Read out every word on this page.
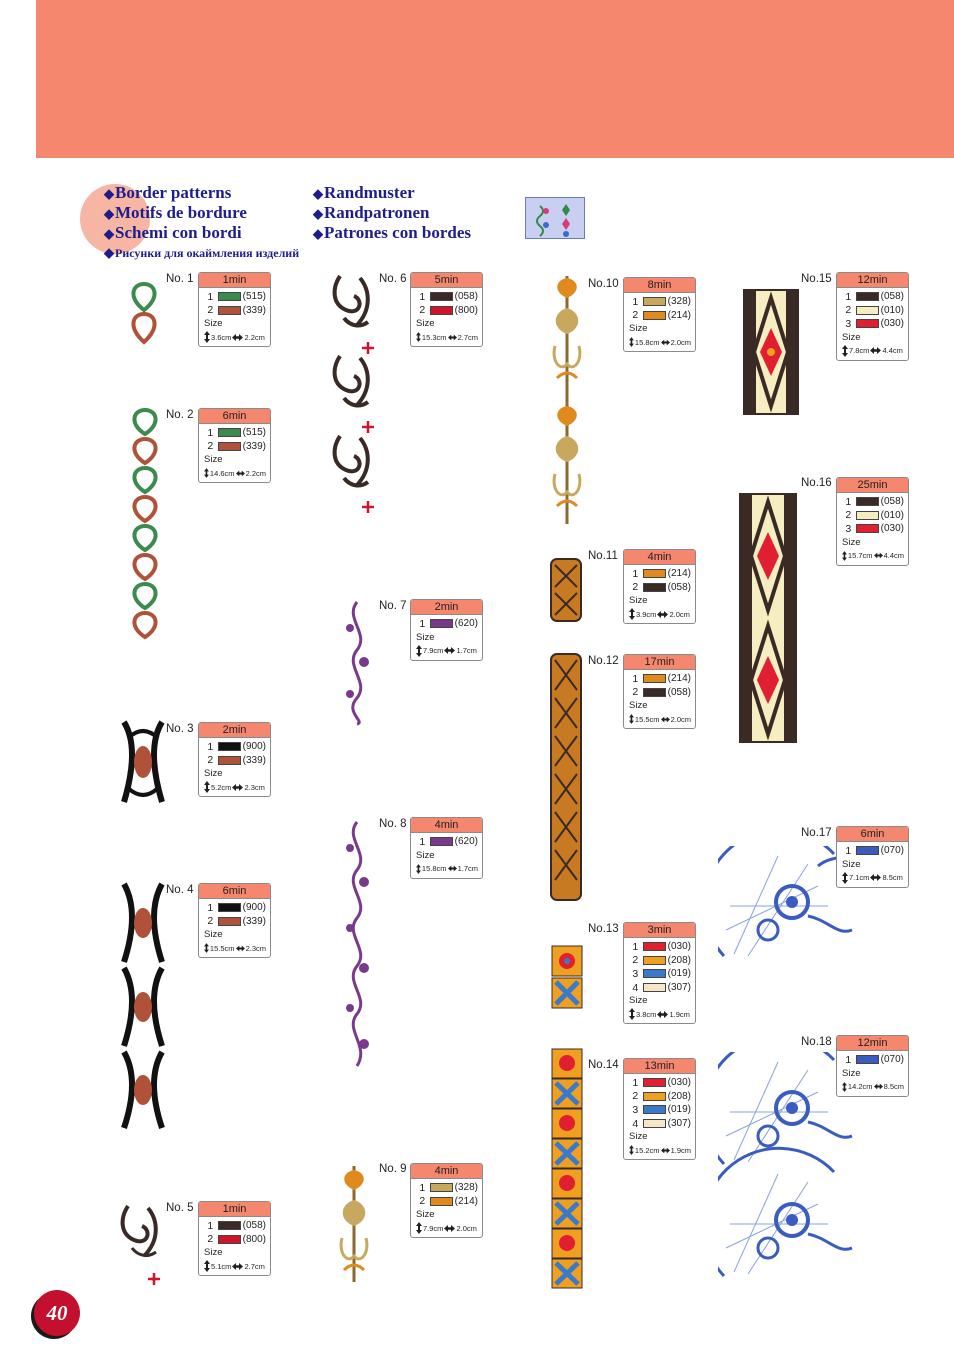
◆Border patterns
◆Motifs de bordure
◆Schemi con bordi
◆Randmuster
◆Randpatronen
◆Patrones con bordes
◆Рисунки для окаймления изделий
No. 1
No. 2
No. 3
No. 4
No. 5
No. 6
No. 7
No. 8
No. 9
No.10
No.11
No.12
No.13
No.14
No.15
No.16
No.17
No.18
1min
1	(515)
2	(339)
Size
3.6cm 2.2cm
6min
1	(515)
2	(339)
Size
14.6cm 2.2cm
2min
1	(900)
2	(339)
Size
5.2cm 2.3cm
6min
1	(900)
2	(339)
Size
15.5cm 2.3cm
1min
1	(058)
2	(800)
Size
5.1cm 2.7cm
5min
1	(058)
2	(800)
Size
15.3cm 2.7cm
2min
1	(620)
Size
7.9cm 1.7cm
4min
1	(620)
Size
15.8cm 1.7cm
4min
1	(328)
2	(214)
Size
7.9cm 2.0cm
8min
1	(328)
2	(214)
Size
15.8cm 2.0cm
4min
1	(214)
2	(058)
Size
3.9cm 2.0cm
17min
1	(214)
2	(058)
Size
15.5cm 2.0cm
3min
1	(030)
2	(208)
3	(019)
4	(307)
Size
3.8cm 1.9cm
13min
1	(030)
2	(208)
3	(019)
4	(307)
Size
15.2cm 1.9cm
12min
1	(058)
2	(010)
3	(030)
Size
7.8cm 4.4cm
25min
1	(058)
2	(010)
3	(030)
Size
15.7cm 4.4cm
6min
1	(070)
Size
7.1cm 8.5cm
12min
1	(070)
Size
14.2cm 8.5cm
40
